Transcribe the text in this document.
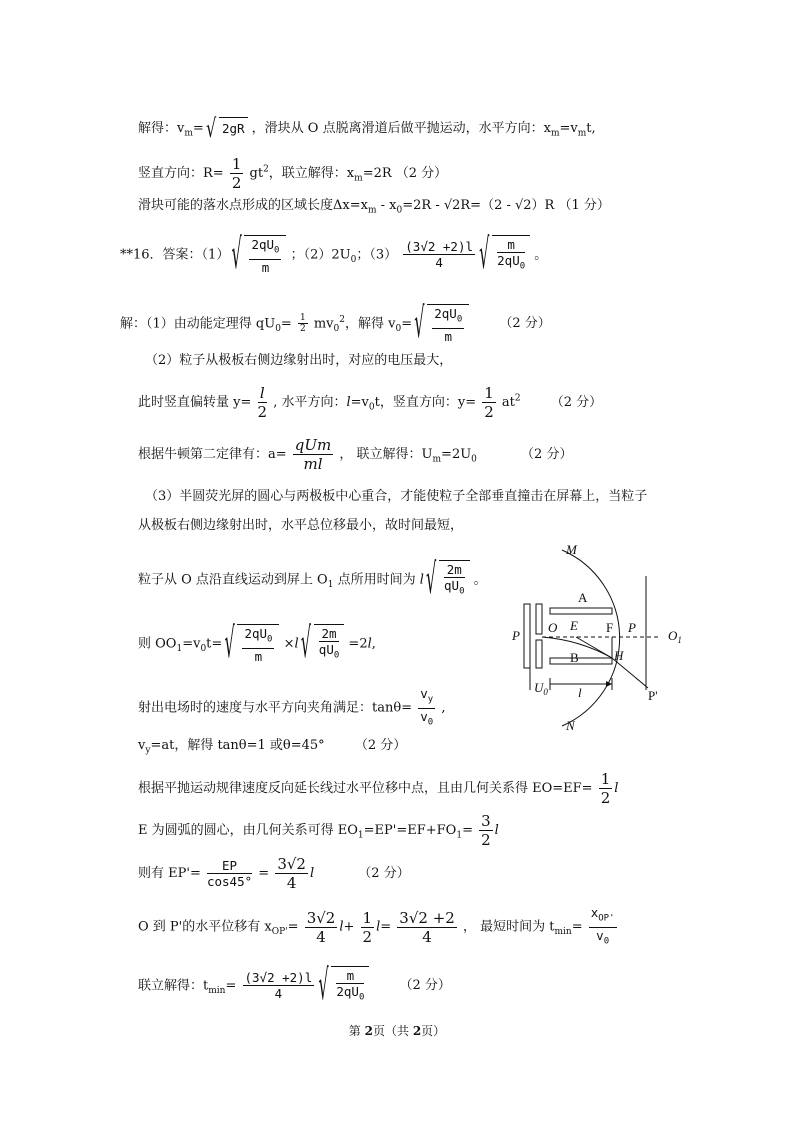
解得：$v_m=$ √ 2gR ，滑块从 O 点脱离滑道后做平抛运动，水平方向：$x_m=v_mt$,
竖直方向：$R= \frac{1}{2} gt^2$，联立解得：$x_m=2R$ （2 分）
滑块可能的落水点形成的区域长度$\Delta x=x_m - x_0=2R - √2R=(2 - √2)R$ （1 分）
**16．答案：（1） √ $\frac{2qU_0}{m}$ ；$(2)2U_0$；$(3) \frac{(3√2 +2)l}{4}$
√ $\frac{m}{2qU_0}$ 。
解：（1）由动能定理得 $qU_0= \frac{1}{2} mv_0^2$，解得 $v_0=$ √ $\frac{2qU_0}{m}$	（2 分）
（2）粒子从极板右侧边缘射出时，对应的电压最大，
此时竖直偏转量 $y= \frac{l}{2}$ , 水平方向：$l=v_0t$，竖直方向：$y= \frac{1}{2} at^2$ （2 分）
根据牛顿第二定律有：$a= \frac{\text{qUm}}{ml}$ ， 联立解得：$U_m=2U_0$	（2 分）
（3）半圆荧光屏的圆心与两极板中心重合，才能使粒子全部垂直撞击在屏幕上，当粒子
从极板右侧边缘射出时，水平总位移最小，故时间最短，
粒子从 O 点沿直线运动到屏上 $O_1$ 点所用时间为 l √ $\frac{2m}{qU_0}$ 。
则 $OO_1=v_0t=$ √ $\frac{2qU_0}{m} \times l$ √ $\frac{2m}{qU_0} =2l$,
射出电场时的速度与水平方向夹角满足：$\tan\theta= \frac{v_y}{v_0}$ ,
$v_y=at$，解得 tanθ=1 或θ=45° （2 分）
根据平抛运动规律速度反向延长线过水平位移中点，且由几何关系得 $EO=EF= \frac{1}{2}$ l
E 为圆弧的圆心，由几何关系可得 $EO_1=EP'=EF+FO_1= \frac{3}{2}$ l
则有 $EP'= \frac{EP}{\cos 45^\circ} = \frac{3√2}{4}$ l	（2 分）
O 到 P'的水平位移有 $x_{OP'}= \frac{3√2}{4} l+ \frac{1}{2} l= \frac{3√2 +2}{4}$ ， 最短时间为 $t_{min}= \frac{x_{OP'}}{v_0}$
联立解得：$t_{min}= \frac{(3√2 +2)l}{4}$
√ $\frac{m}{2qU_0}$	（2 分）
M
A
O E F P
P	$O_1$
B	H
$U_0$ l	P'
N
第 2页（共 2页）
